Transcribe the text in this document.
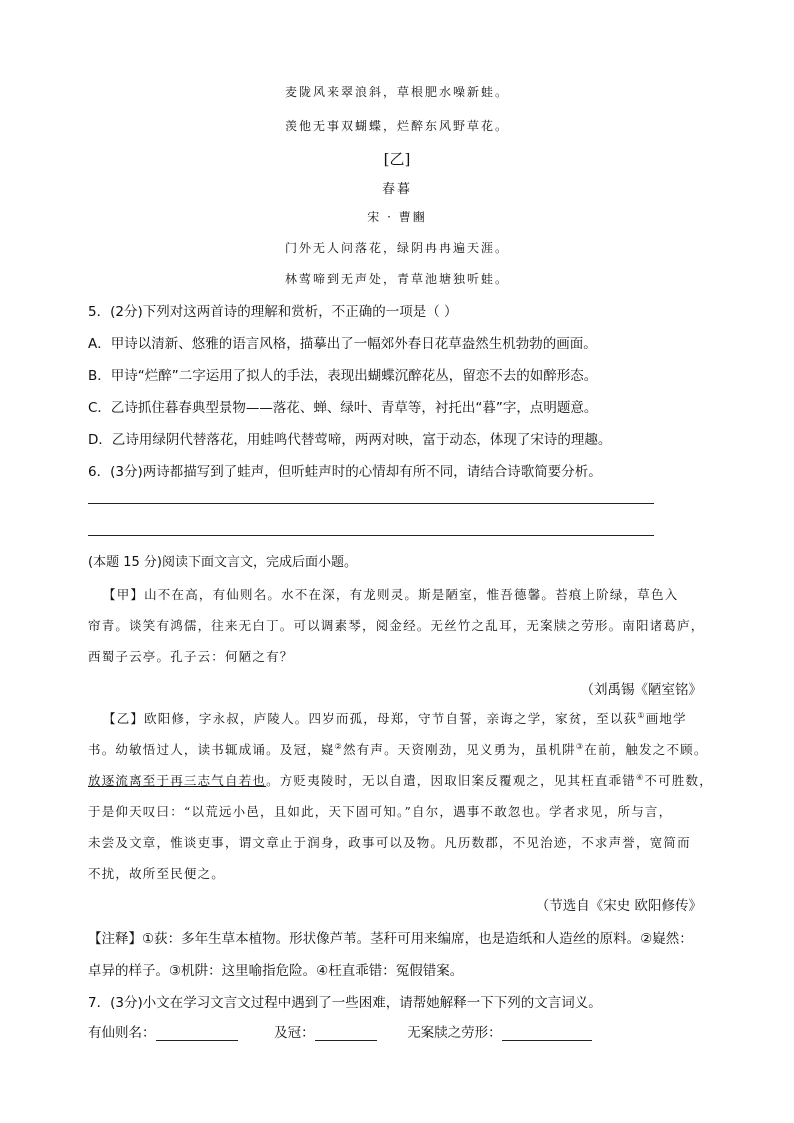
麦陇风来翠浪斜，草根肥水噪新蛙。
羡他无事双蝴蝶，烂醉东风野草花。
[乙]
春暮
宋 · 曹豳
门外无人问落花，绿阴冉冉遍天涯。
林莺啼到无声处，青草池塘独听蛙。
5．(2分)下列对这两首诗的理解和赏析，不正确的一项是（ ）
A．甲诗以清新、悠雅的语言风格，描摹出了一幅郊外春日花草盎然生机勃勃的画面。
B．甲诗“烂醉”二字运用了拟人的手法，表现出蝴蝶沉醉花丛，留恋不去的如醉形态。
C．乙诗抓住暮春典型景物——落花、蝉、绿叶、青草等，衬托出“暮”字，点明题意。
D．乙诗用绿阴代替落花，用蛙鸣代替莺啼，两两对映，富于动态，体现了宋诗的理趣。
6．(3分)两诗都描写到了蛙声，但听蛙声时的心情却有所不同，请结合诗歌简要分析。
(本题 15 分)阅读下面文言文，完成后面小题。
【甲】山不在高，有仙则名。水不在深，有龙则灵。斯是陋室，惟吾德馨。苔痕上阶绿，草色入
帘青。谈笑有鸿儒，往来无白丁。可以调素琴，阅金经。无丝竹之乱耳，无案牍之劳形。南阳诸葛庐，
西蜀子云亭。孔子云：何陋之有？
（刘禹锡《陋室铭》
【乙】欧阳修，字永叔，庐陵人。四岁而孤，母郑，守节自誓，亲诲之学，家贫，至以荻①画地学
书。幼敏悟过人，读书辄成诵。及冠，嶷②然有声。天资刚劲，见义勇为，虽机阱③在前，触发之不顾。
放逐流离至于再三志气自若也。方贬夷陵时，无以自遣，因取旧案反覆观之，见其枉直乖错④不可胜数，
于是仰天叹曰：“以荒远小邑，且如此，天下固可知。”自尔，遇事不敢忽也。学者求见，所与言，
未尝及文章，惟谈吏事，谓文章止于润身，政事可以及物。凡历数郡，不见治迹，不求声誉，宽简而
不扰，故所至民便之。
（节选自《宋史 欧阳修传》
【注释】①荻：多年生草本植物。形状像芦苇。茎秆可用来编席，也是造纸和人造丝的原料。②嶷然：
卓异的样子。③机阱：这里喻指危险。④枉直乖错：冤假错案。
7．(3分)小文在学习文言文过程中遇到了一些困难，请帮她解释一下下列的文言词义。
有仙则名：	及冠：	无案牍之劳形：
